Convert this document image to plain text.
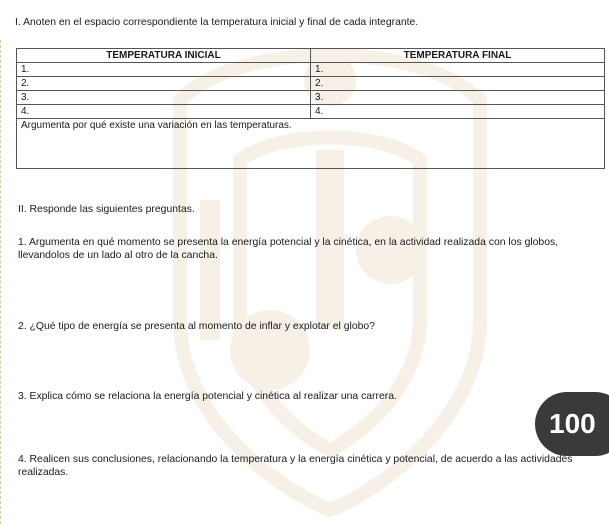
I. Anoten en el espacio correspondiente la temperatura inicial y final de cada integrante.
TEMPERATURA INICIAL	TEMPERATURA FINAL
1.	1.
2.	2.
3.	3.
4.	4.
Argumenta por qué existe una variación en las temperaturas.	
II. Responde las siguientes preguntas.
1. Argumenta en qué momento se presenta la energía potencial y la cinética, en la actividad realizada con los globos, llevandolos de un lado al otro de la cancha.
2. ¿Qué tipo de energía se presenta al momento de inflar y explotar el globo?
3. Explica cómo se relaciona la energía potencial y cinética al realizar una carrera.
4. Realicen sus conclusiones, relacionando la temperatura y la energía cinética y potencial, de acuerdo a las actividades realizadas.
100
